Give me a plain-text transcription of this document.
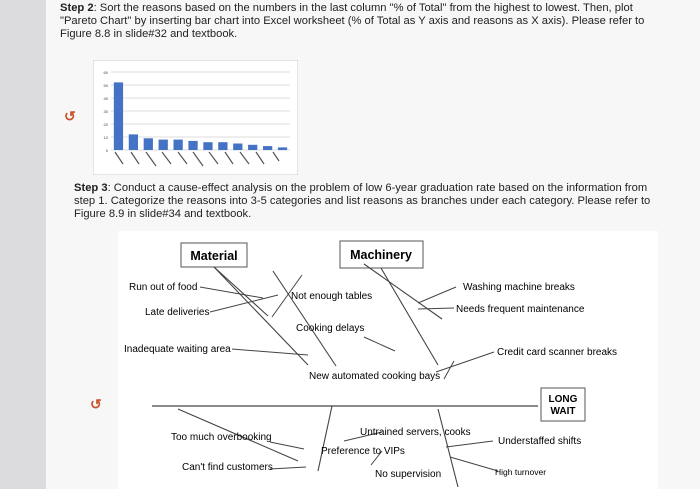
Step 2: Sort the reasons based on the numbers in the last column "% of Total" from the highest to lowest. Then, plot "Pareto Chart" by inserting bar chart into Excel worksheet (% of Total as Y axis and reasons as X axis). Please refer to Figure 8.8 in slide#32 and textbook.
↺
0
10
20
30
40
50
60
Step 3: Conduct a cause-effect analysis on the problem of low 6-year graduation rate based on the information from step 1. Categorize the reasons into 3-5 categories and list reasons as branches under each category. Please refer to Figure 8.9 in slide#34 and textbook.
↺
Material	Machinery
LONG
WAIT
Run out of food
Late deliveries
Inadequate waiting area
Not enough tables
Cooking delays
New automated cooking bays
Washing machine breaks
Needs frequent maintenance
Credit card scanner breaks
Too much overbooking
Can't find customers
Untrained servers, cooks
Preference to VIPs
No supervision
Understaffed shifts
High turnover
